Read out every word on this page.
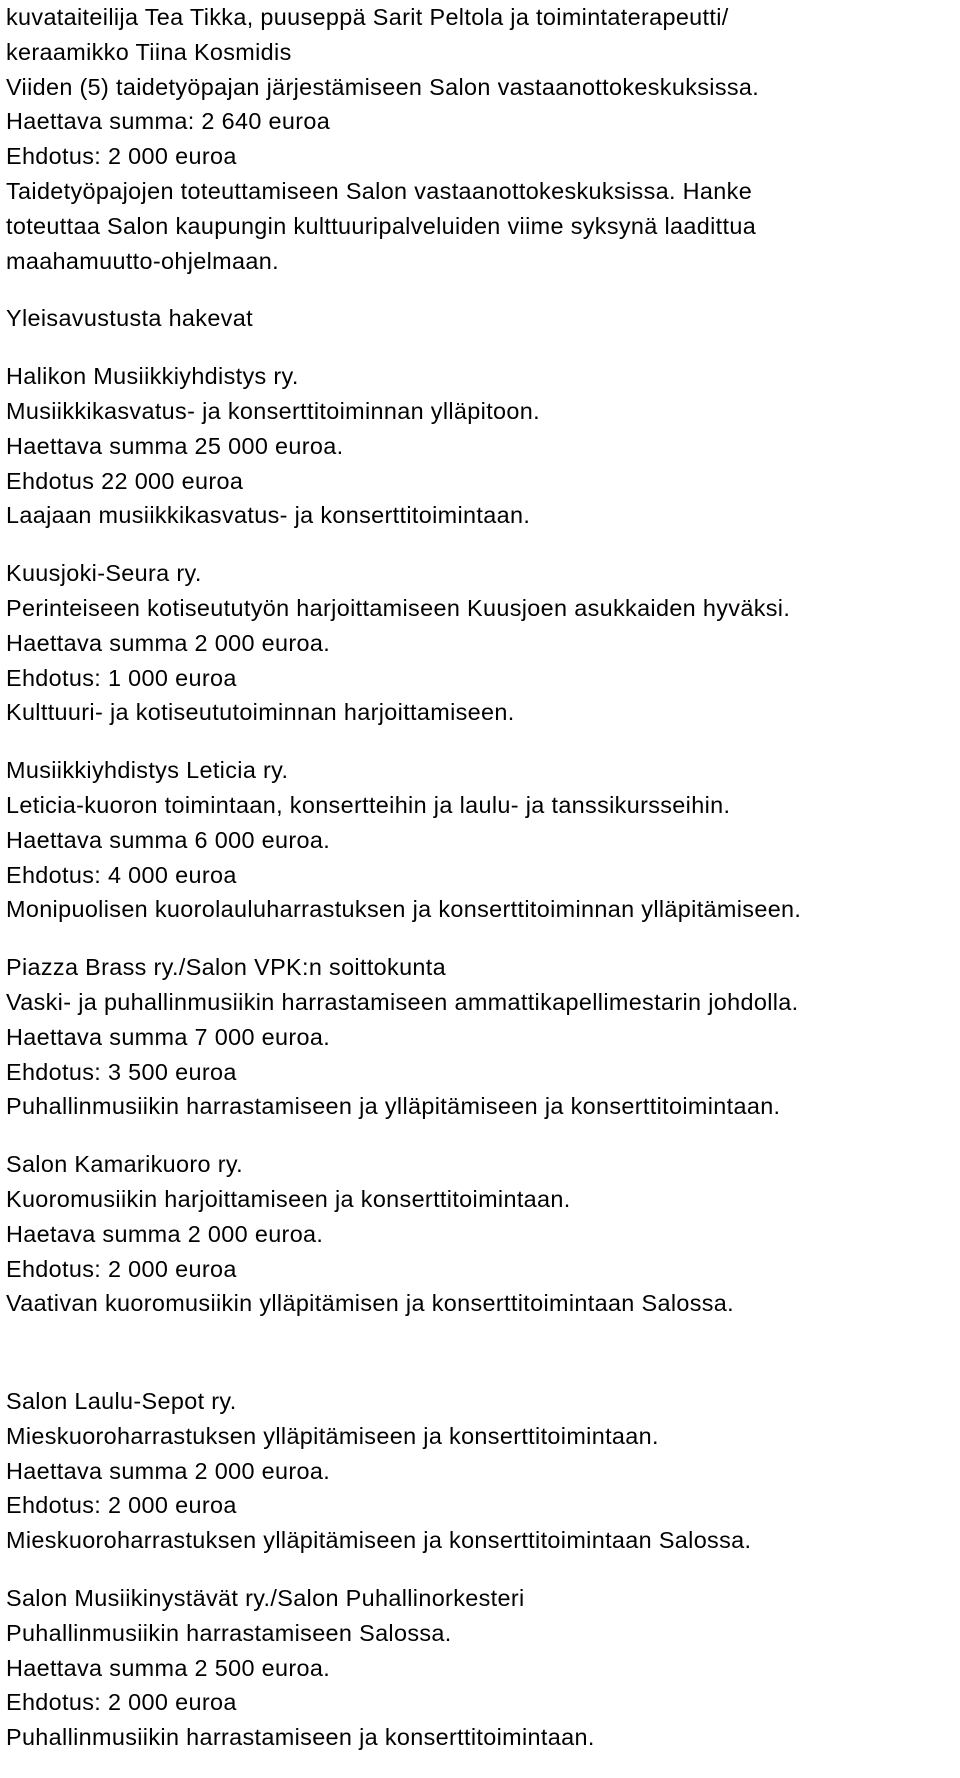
kuvataiteilija Tea Tikka, puuseppä Sarit Peltola ja toimintaterapeutti/
keraamikko Tiina Kosmidis
Viiden (5) taidetyöpajan järjestämiseen Salon vastaanottokeskuksissa.
Haettava summa: 2 640 euroa
Ehdotus: 2 000 euroa
Taidetyöpajojen toteuttamiseen Salon vastaanottokeskuksissa. Hanke
toteuttaa Salon kaupungin kulttuuripalveluiden viime syksynä laadittua
maahamuutto-ohjelmaan.
Yleisavustusta hakevat
Halikon Musiikkiyhdistys ry.
Musiikkikasvatus- ja konserttitoiminnan ylläpitoon.
Haettava summa 25 000 euroa.
Ehdotus 22 000 euroa
Laajaan musiikkikasvatus- ja konserttitoimintaan.
Kuusjoki-Seura ry.
Perinteiseen kotiseututyön harjoittamiseen Kuusjoen asukkaiden hyväksi.
Haettava summa 2 000 euroa.
Ehdotus: 1 000 euroa
Kulttuuri- ja kotiseututoiminnan harjoittamiseen.
Musiikkiyhdistys Leticia ry.
Leticia-kuoron toimintaan, konsertteihin ja laulu- ja tanssikursseihin.
Haettava summa 6 000 euroa.
Ehdotus: 4 000 euroa
Monipuolisen kuorolauluharrastuksen ja konserttitoiminnan ylläpitämiseen.
Piazza Brass ry./Salon VPK:n soittokunta
Vaski- ja puhallinmusiikin harrastamiseen ammattikapellimestarin johdolla.
Haettava summa 7 000 euroa.
Ehdotus: 3 500 euroa
Puhallinmusiikin harrastamiseen ja ylläpitämiseen ja konserttitoimintaan.
Salon Kamarikuoro ry.
Kuoromusiikin harjoittamiseen ja konserttitoimintaan.
Haetava summa 2 000 euroa.
Ehdotus: 2 000 euroa
Vaativan kuoromusiikin ylläpitämisen ja konserttitoimintaan Salossa.
Salon Laulu-Sepot ry.
Mieskuoroharrastuksen ylläpitämiseen ja konserttitoimintaan.
Haettava summa 2 000 euroa.
Ehdotus: 2 000 euroa
Mieskuoroharrastuksen ylläpitämiseen ja konserttitoimintaan Salossa.
Salon Musiikinystävät ry./Salon Puhallinorkesteri
Puhallinmusiikin harrastamiseen Salossa.
Haettava summa 2 500 euroa.
Ehdotus: 2 000 euroa
Puhallinmusiikin harrastamiseen ja konserttitoimintaan.
